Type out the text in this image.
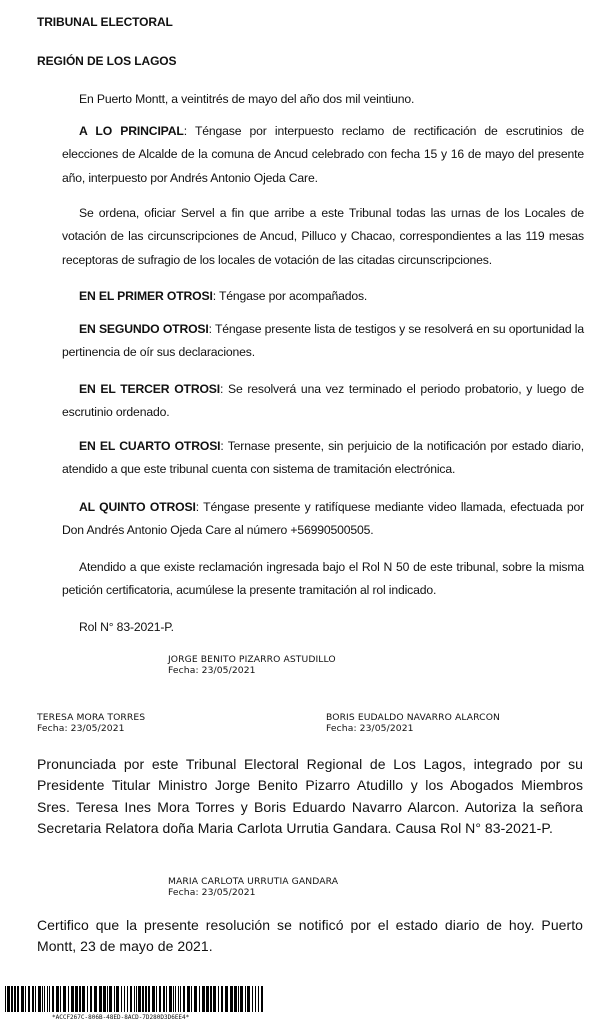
TRIBUNAL ELECTORAL
REGIÓN DE LOS LAGOS
En Puerto Montt, a veintitrés de mayo del año dos mil veintiuno.
A LO PRINCIPAL: Téngase por interpuesto reclamo de rectificación de escrutinios de elecciones de Alcalde de la comuna de Ancud celebrado con fecha 15 y 16 de mayo del presente año, interpuesto por Andrés Antonio Ojeda Care.
Se ordena, oficiar Servel a fin que arribe a este Tribunal todas las urnas de los Locales de votación de las circunscripciones de Ancud, Pilluco y Chacao, correspondientes a las 119 mesas receptoras de sufragio de los locales de votación de las citadas circunscripciones.
EN EL PRIMER OTROSI: Téngase por acompañados.
EN SEGUNDO OTROSI: Téngase presente lista de testigos y se resolverá en su oportunidad la pertinencia de oír sus declaraciones.
EN EL TERCER OTROSI: Se resolverá una vez terminado el periodo probatorio, y luego de escrutinio ordenado.
EN EL CUARTO OTROSI: Ternase presente, sin perjuicio de la notificación por estado diario, atendido a que este tribunal cuenta con sistema de tramitación electrónica.
AL QUINTO OTROSI: Téngase presente y ratifíquese mediante video llamada, efectuada por Don Andrés Antonio Ojeda Care al número +56990500505.
Atendido a que existe reclamación ingresada bajo el Rol N 50 de este tribunal, sobre la misma petición certificatoria, acumúlese la presente tramitación al rol indicado.
Rol N° 83-2021-P.
JORGE BENITO PIZARRO ASTUDILLO
Fecha: 23/05/2021
TERESA MORA TORRES
Fecha: 23/05/2021
BORIS EUDALDO NAVARRO ALARCON
Fecha: 23/05/2021
Pronunciada por este Tribunal Electoral Regional de Los Lagos, integrado por su Presidente Titular Ministro Jorge Benito Pizarro Atudillo y los Abogados Miembros Sres. Teresa Ines Mora Torres y Boris Eduardo Navarro Alarcon. Autoriza la señora Secretaria Relatora doña Maria Carlota Urrutia Gandara. Causa Rol N° 83-2021-P.
MARIA CARLOTA URRUTIA GANDARA
Fecha: 23/05/2021
Certifico que la presente resolución se notificó por el estado diario de hoy. Puerto Montt, 23 de mayo de 2021.
*ACCF267C-806B-48ED-8ACD-7D280D3D6EE4*
